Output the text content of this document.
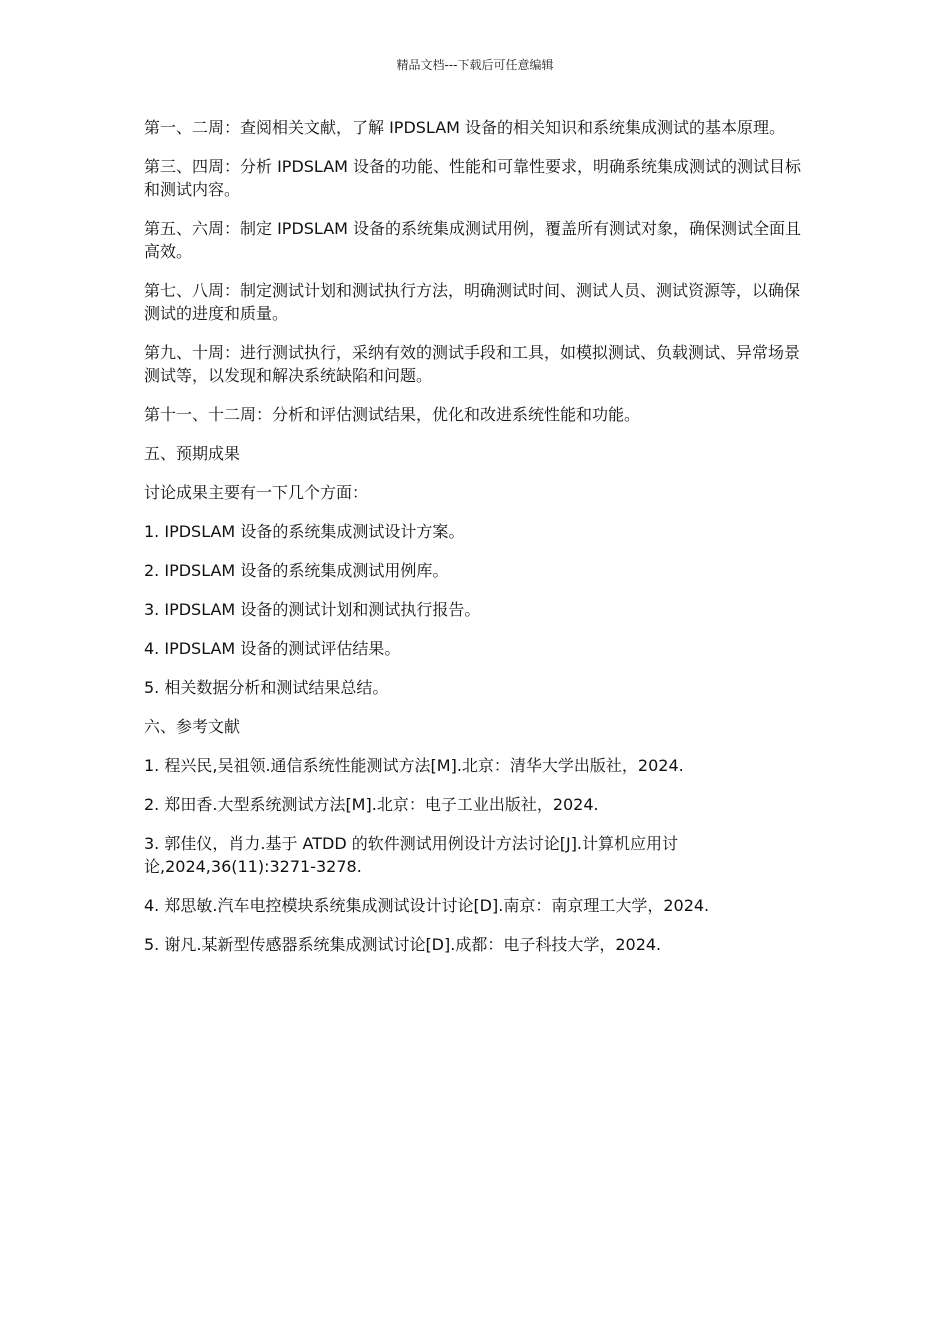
精品文档---下载后可任意编辑

第一、二周：查阅相关文献，了解 IPDSLAM 设备的相关知识和系统集成测试的基本原理。

第三、四周：分析 IPDSLAM 设备的功能、性能和可靠性要求，明确系统集成测试的测试目标和测试内容。

第五、六周：制定 IPDSLAM 设备的系统集成测试用例，覆盖所有测试对象，确保测试全面且高效。

第七、八周：制定测试计划和测试执行方法，明确测试时间、测试人员、测试资源等，以确保测试的进度和质量。

第九、十周：进行测试执行，采纳有效的测试手段和工具，如模拟测试、负载测试、异常场景测试等，以发现和解决系统缺陷和问题。

第十一、十二周：分析和评估测试结果，优化和改进系统性能和功能。

五、预期成果

讨论成果主要有一下几个方面：

1. IPDSLAM 设备的系统集成测试设计方案。

2. IPDSLAM 设备的系统集成测试用例库。

3. IPDSLAM 设备的测试计划和测试执行报告。

4. IPDSLAM 设备的测试评估结果。

5. 相关数据分析和测试结果总结。

六、参考文献

1. 程兴民,吴祖领.通信系统性能测试方法[M].北京：清华大学出版社，2024.

2. 郑田香.大型系统测试方法[M].北京：电子工业出版社，2024.

3. 郭佳仪，肖力.基于 ATDD 的软件测试用例设计方法讨论[J].计算机应用讨论,2024,36(11):3271-3278.

4. 郑思敏.汽车电控模块系统集成测试设计讨论[D].南京：南京理工大学，2024.

5. 谢凡.某新型传感器系统集成测试讨论[D].成都：电子科技大学，2024.
